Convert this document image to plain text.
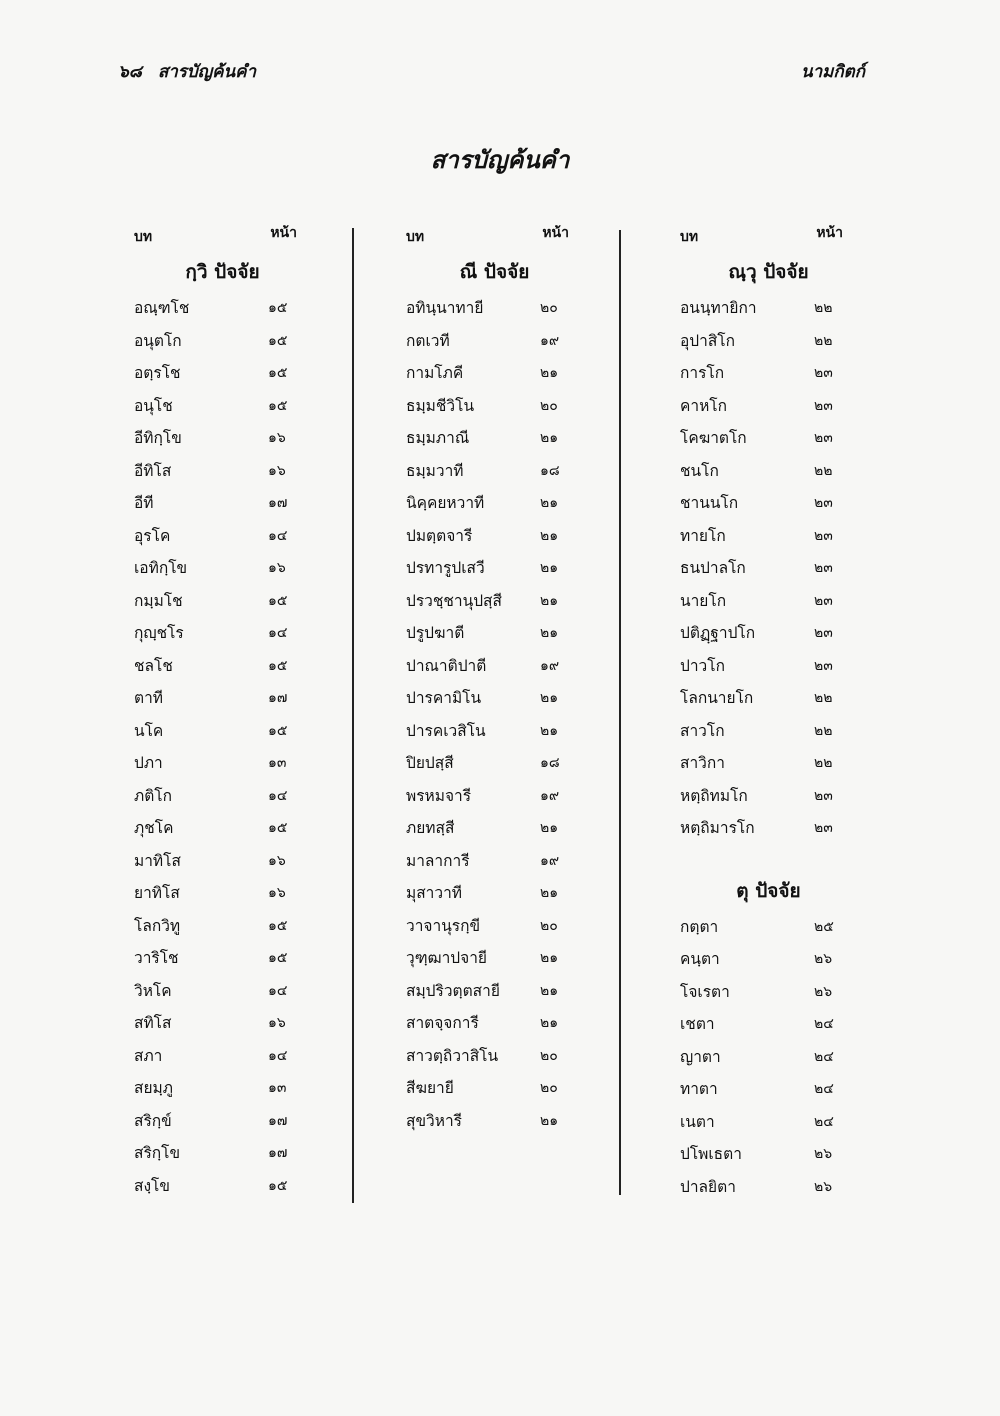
๖๘ สารบัญค้นคำ	นามกิตก์
สารบัญค้นคำ
บท	หน้า
กฺวิ ปัจจัย
อณฺฑโช	๑๕
อนุตโก	๑๕
อตฺรโช	๑๕
อนุโช	๑๕
อีทิกฺโข	๑๖
อีทิโส	๑๖
อีที	๑๗
อุรโค	๑๔
เอทิกฺโข	๑๖
กมฺมโช	๑๕
กุญฺชโร	๑๔
ชลโช	๑๕
ตาที	๑๗
นโค	๑๕
ปภา	๑๓
ภติโก	๑๔
ภุชโค	๑๕
มาทิโส	๑๖
ยาทิโส	๑๖
โลกวิทู	๑๕
วาริโช	๑๕
วิหโค	๑๔
สทิโส	๑๖
สภา	๑๔
สยมฺภู	๑๓
สริกฺข์	๑๗
สริกฺโข	๑๗
สงฺโข	๑๕
บท	หน้า
ณี ปัจจัย
อทินฺนาทายี	๒๐
กตเวที	๑๙
กามโภคี	๒๑
ธมฺมชีวิโน	๒๐
ธมฺมภาณี	๒๑
ธมฺมวาที	๑๘
นิคฺคยหวาที	๒๑
ปมตฺตจารี	๒๑
ปรทารูปเสวี	๒๑
ปรวชฺชานุปสฺสี	๒๑
ปรูปฆาตี	๒๑
ปาณาติปาตี	๑๙
ปารคามิโน	๒๑
ปารคเวสิโน	๒๑
ปิยปสฺสี	๑๘
พรหมจารี	๑๙
ภยทสฺสี	๒๑
มาลาการี	๑๙
มุสาวาที	๒๑
วาจานุรกฺขี	๒๐
วุฑฺฒาปจายี	๒๑
สมฺปริวตฺตสายี	๒๑
สาตจฺจการี	๒๑
สาวตฺถิวาสิโน	๒๐
สีฆยายี	๒๐
สุขวิหารี	๒๑
บท	หน้า
ณฺวุ ปัจจัย
อนนฺทายิกา	๒๒
อุปาสิโก	๒๒
การโก	๒๓
คาหโก	๒๓
โคฆาตโก	๒๓
ชนโก	๒๒
ชานนโก	๒๓
ทายโก	๒๓
ธนปาลโก	๒๓
นายโก	๒๓
ปติฏฺฐาปโก	๒๓
ปาวโก	๒๓
โลกนายโก	๒๒
สาวโก	๒๒
สาวิกา	๒๒
หตฺถิทมโก	๒๓
หตฺถิมารโก	๒๓
ตุ ปัจจัย
กตฺตา	๒๕
คนฺตา	๒๖
โจเรตา	๒๖
เชตา	๒๔
ญาตา	๒๔
ทาตา	๒๔
เนตา	๒๔
ปโพเธตา	๒๖
ปาลยิตา	๒๖
